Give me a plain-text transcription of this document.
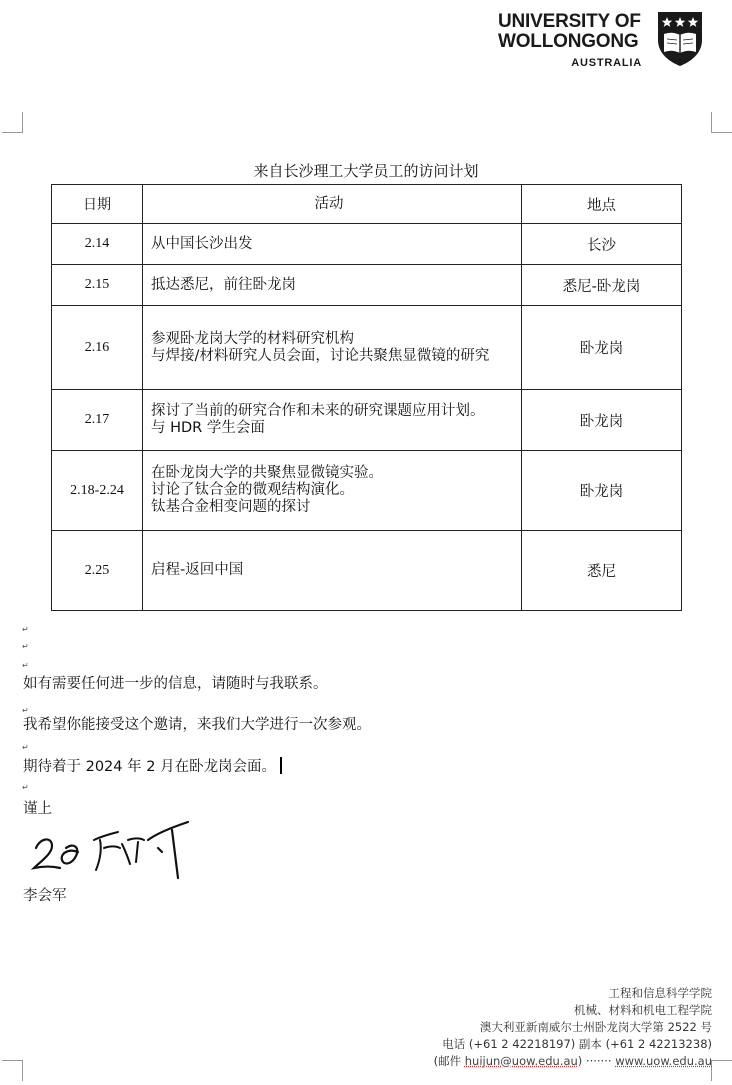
UNIVERSITY OF
WOLLONGONG
AUSTRALIA
来自长沙理工大学员工的访问计划
日期	活动	地点
2.14	从中国长沙出发	长沙
2.15	抵达悉尼，前往卧龙岗	悉尼-卧龙岗
2.16	参观卧龙岗大学的材料研究机构
与焊接/材料研究人员会面，讨论共聚焦显微镜的研究	卧龙岗
2.17	探讨了当前的研究合作和未来的研究课题应用计划。
与 HDR 学生会面	卧龙岗
2.18-2.24	在卧龙岗大学的共聚焦显微镜实验。
讨论了钛合金的微观结构演化。
钛基合金相变问题的探讨	卧龙岗
2.25	启程-返回中国	悉尼
↵
↵
↵
↵
↵
↵
如有需要任何进一步的信息，请随时与我联系。
我希望你能接受这个邀请，来我们大学进行一次参观。
期待着于 2024 年 2 月在卧龙岗会面。
谨上
李会军
工程和信息科学学院
机械、材料和机电工程学院
澳大利亚新南威尔士州卧龙岗大学第 2522 号
电话 (+61 2 42218197) 副本 (+61 2 42213238)
(邮件 huijun@uow.edu.au) ······· www.uow.edu.au
